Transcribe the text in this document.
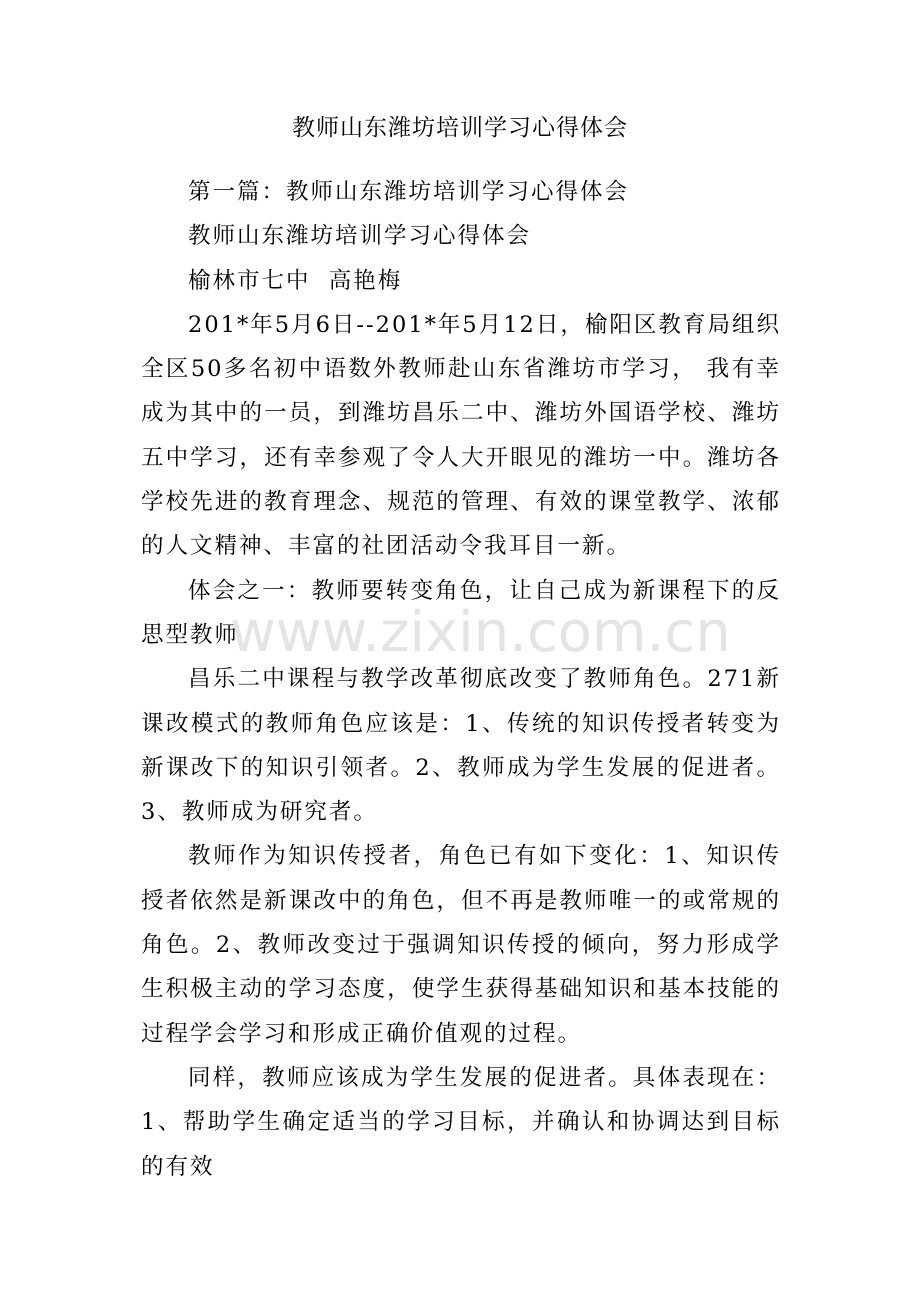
教师山东潍坊培训学习心得体会

第一篇：教师山东潍坊培训学习心得体会

教师山东潍坊培训学习心得体会

榆林市七中  高艳梅

201*年5月6日--201*年5月12日，榆阳区教育局组织全区50多名初中语数外教师赴山东省潍坊市学习， 我有幸成为其中的一员，到潍坊昌乐二中、潍坊外国语学校、潍坊五中学习，还有幸参观了令人大开眼见的潍坊一中。潍坊各学校先进的教育理念、规范的管理、有效的课堂教学、浓郁的人文精神、丰富的社团活动令我耳目一新。

体会之一：教师要转变角色，让自己成为新课程下的反思型教师

昌乐二中课程与教学改革彻底改变了教师角色。271新课改模式的教师角色应该是：1、传统的知识传授者转变为新课改下的知识引领者。2、教师成为学生发展的促进者。3、教师成为研究者。

教师作为知识传授者，角色已有如下变化：1、知识传授者依然是新课改中的角色，但不再是教师唯一的或常规的角色。2、教师改变过于强调知识传授的倾向，努力形成学生积极主动的学习态度，使学生获得基础知识和基本技能的过程学会学习和形成正确价值观的过程。

同样，教师应该成为学生发展的促进者。具体表现在：1、帮助学生确定适当的学习目标，并确认和协调达到目标的有效

www.zixin.com.cn
